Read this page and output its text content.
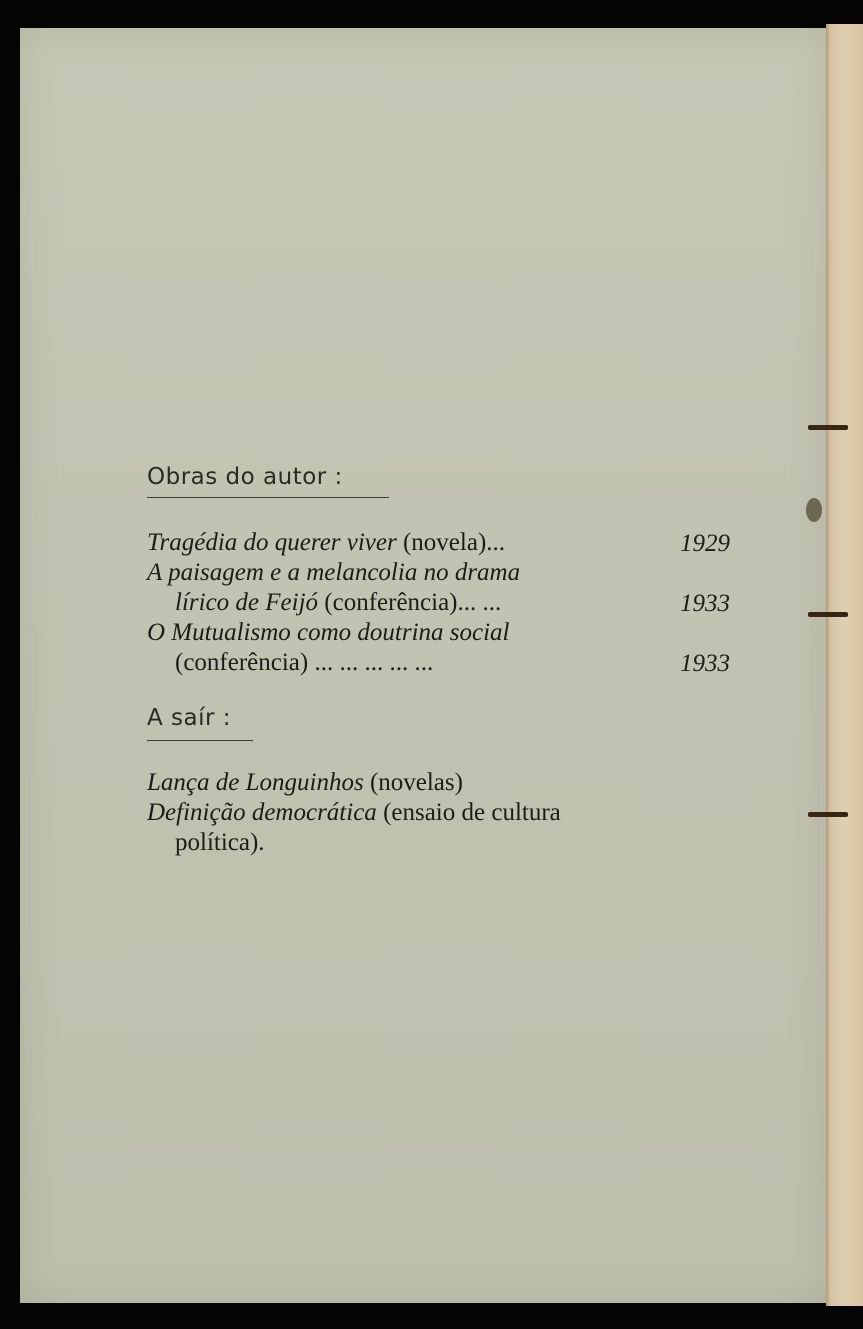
Obras do autor :
Tragédia do querer viver (novela)...
A paisagem e a melancolia no drama
lírico de Feijó (conferência)... ...
O Mutualismo como doutrina social
(conferência) ... ... ... ... ...
1929
1933
1933
A saír :
Lança de Longuinhos (novelas)
Definição democrática (ensaio de cultura
política).
